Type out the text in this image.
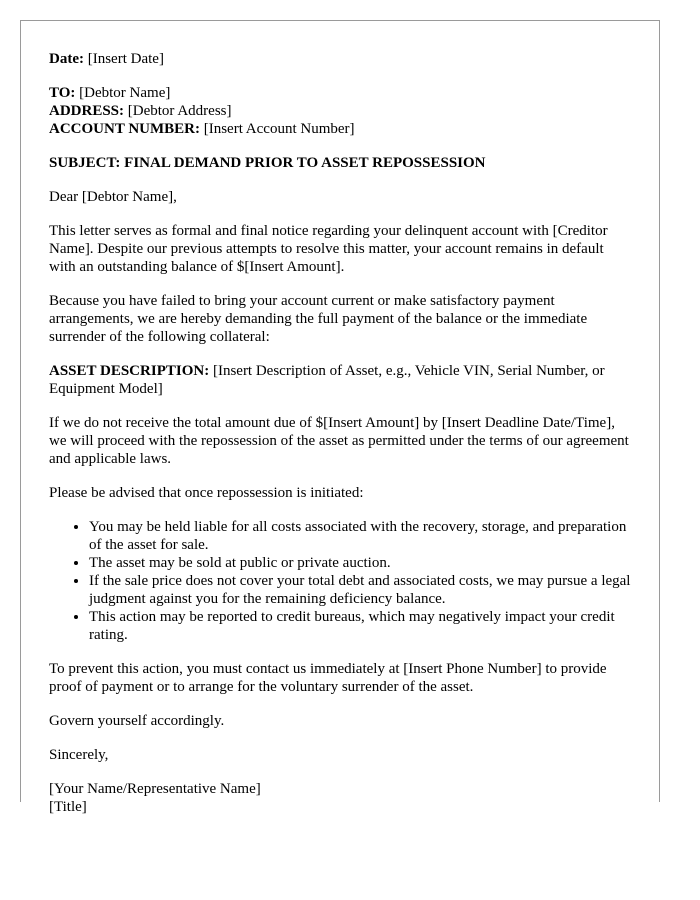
Date: [Insert Date]
TO: [Debtor Name]
ADDRESS: [Debtor Address]
ACCOUNT NUMBER: [Insert Account Number]

SUBJECT: FINAL DEMAND PRIOR TO ASSET REPOSSESSION

Dear [Debtor Name],

This letter serves as formal and final notice regarding your delinquent account with [Creditor Name]. Despite our previous attempts to resolve this matter, your account remains in default with an outstanding balance of $[Insert Amount].

Because you have failed to bring your account current or make satisfactory payment arrangements, we are hereby demanding the full payment of the balance or the immediate surrender of the following collateral:

ASSET DESCRIPTION: [Insert Description of Asset, e.g., Vehicle VIN, Serial Number, or Equipment Model]

If we do not receive the total amount due of $[Insert Amount] by [Insert Deadline Date/Time], we will proceed with the repossession of the asset as permitted under the terms of our agreement and applicable laws.

Please be advised that once repossession is initiated:

• You may be held liable for all costs associated with the recovery, storage, and preparation of the asset for sale.
• The asset may be sold at public or private auction.
• If the sale price does not cover your total debt and associated costs, we may pursue a legal judgment against you for the remaining deficiency balance.
• This action may be reported to credit bureaus, which may negatively impact your credit rating.

To prevent this action, you must contact us immediately at [Insert Phone Number] to provide proof of payment or to arrange for the voluntary surrender of the asset.

Govern yourself accordingly.

Sincerely,

[Your Name/Representative Name]
[Title]
